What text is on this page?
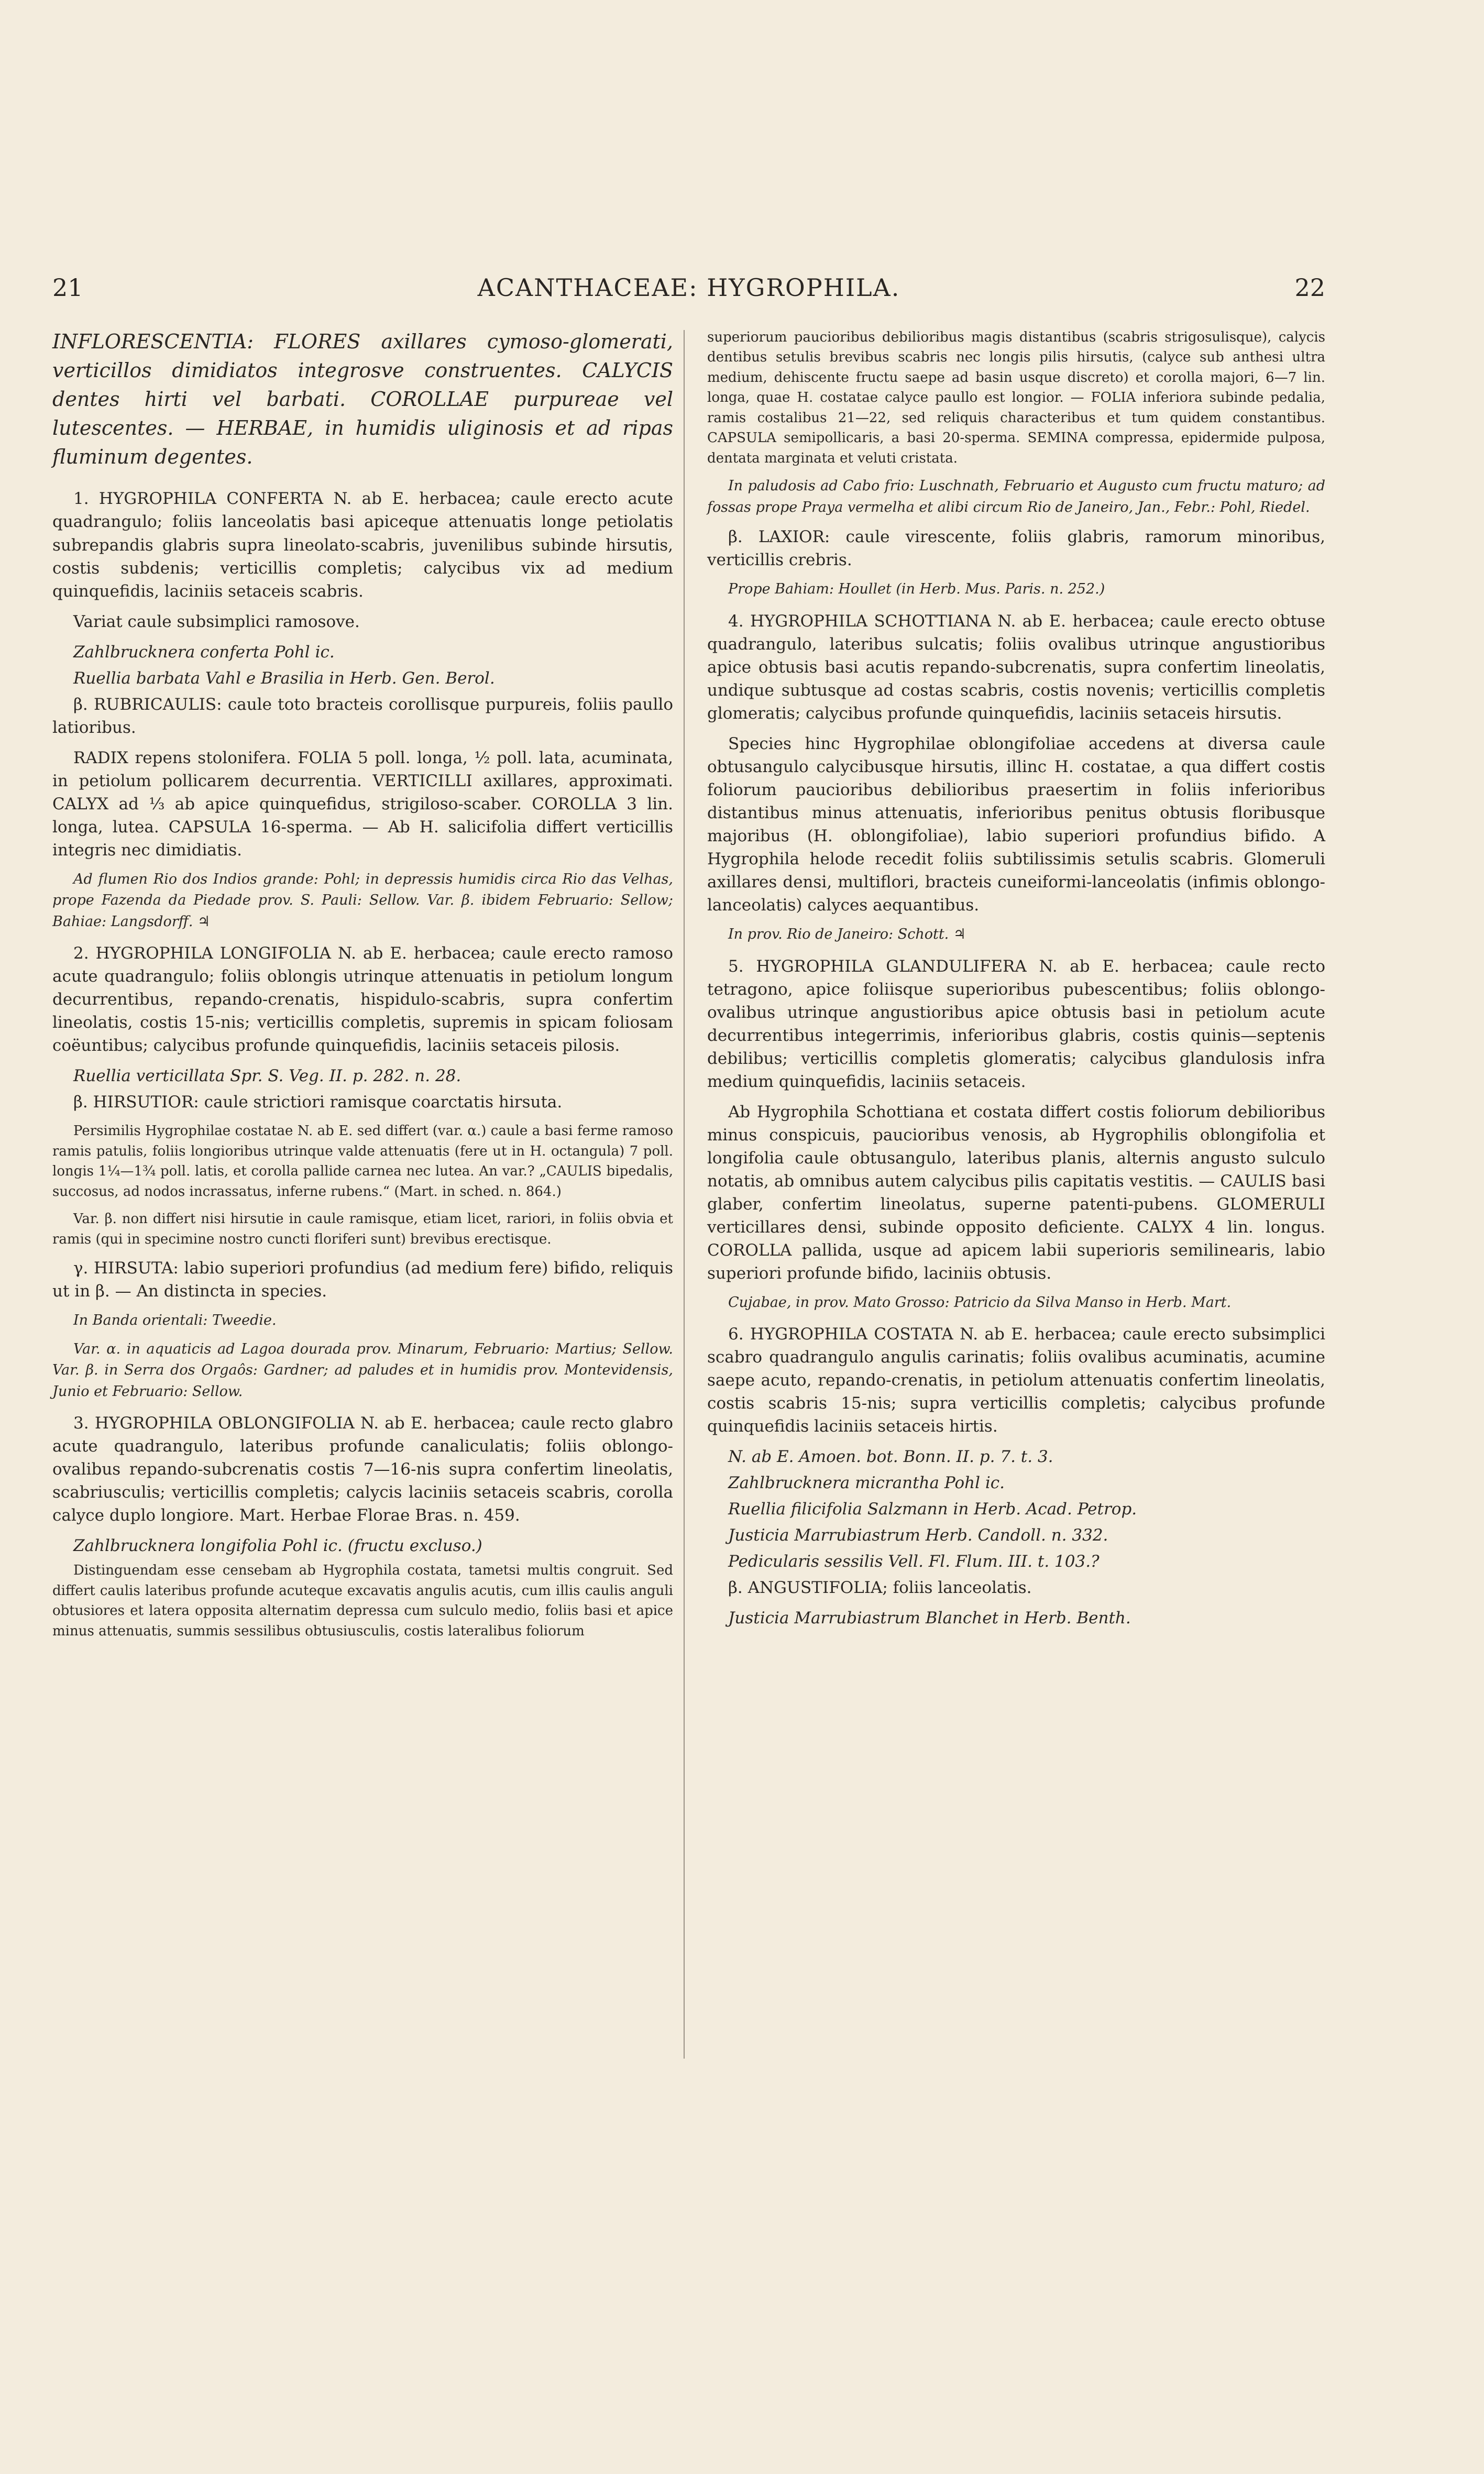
21	ACANTHACEAE: HYGROPHILA.	22

INFLORESCENTIA: FLORES axillares cymoso-glomerati, verticillos dimidiatos integrosve construentes. CALYCIS dentes hirti vel barbati. COROLLAE purpureae vel lutescentes. — HERBAE, in humidis uliginosis et ad ripas fluminum degentes.

1. HYGROPHILA CONFERTA N. ab E. herbacea; caule erecto acute quadrangulo; foliis lanceolatis basi apiceque attenuatis longe petiolatis subrepandis glabris supra lineolato-scabris, juvenilibus subinde hirsutis, costis subdenis; verticillis completis; calycibus vix ad medium quinquefidis, laciniis setaceis scabris.

Variat caule subsimplici ramosove.

Zahlbrucknera conferta Pohl ic.

Ruellia barbata Vahl e Brasilia in Herb. Gen. Berol.

β. RUBRICAULIS: caule toto bracteis corollisque purpureis, foliis paullo latioribus.

RADIX repens stolonifera. FOLIA 5 poll. longa, ½ poll. lata, acuminata, in petiolum pollicarem decurrentia. VERTICILLI axillares, approximati. CALYX ad ⅓ ab apice quinquefidus, strigiloso-scaber. COROLLA 3 lin. longa, lutea. CAPSULA 16-sperma. — Ab H. salicifolia differt verticillis integris nec dimidiatis.

Ad flumen Rio dos Indios grande: Pohl; in depressis humidis circa Rio das Velhas, prope Fazenda da Piedade prov. S. Pauli: Sellow. Var. β. ibidem Februario: Sellow; Bahiae: Langsdorff. ♃

2. HYGROPHILA LONGIFOLIA N. ab E. herbacea; caule erecto ramoso acute quadrangulo; foliis oblongis utrinque attenuatis in petiolum longum decurrentibus, repando-crenatis, hispidulo-scabris, supra confertim lineolatis, costis 15-nis; verticillis completis, supremis in spicam foliosam coëuntibus; calycibus profunde quinquefidis, laciniis setaceis pilosis.

Ruellia verticillata Spr. S. Veg. II. p. 282. n. 28.

β. HIRSUTIOR: caule strictiori ramisque coarctatis hirsuta.

Persimilis Hygrophilae costatae N. ab E. sed differt (var. α.) caule a basi ferme ramoso ramis patulis, foliis longioribus utrinque valde attenuatis (fere ut in H. octangula) 7 poll. longis 1¼—1¾ poll. latis, et corolla pallide carnea nec lutea. An var.? „CAULIS bipedalis, succosus, ad nodos incrassatus, inferne rubens.“ (Mart. in sched. n. 864.)

Var. β. non differt nisi hirsutie in caule ramisque, etiam licet, rariori, in foliis obvia et ramis (qui in specimine nostro cuncti floriferi sunt) brevibus erectisque.

γ. HIRSUTA: labio superiori profundius (ad medium fere) bifido, reliquis ut in β. — An distincta in species.

In Banda orientali: Tweedie.

Var. α. in aquaticis ad Lagoa dourada prov. Minarum, Februario: Martius; Sellow. Var. β. in Serra dos Orgaôs: Gardner; ad paludes et in humidis prov. Montevidensis, Junio et Februario: Sellow.

3. HYGROPHILA OBLONGIFOLIA N. ab E. herbacea; caule recto glabro acute quadrangulo, lateribus profunde canaliculatis; foliis oblongo-ovalibus repando-subcrenatis costis 7—16-nis supra confertim lineolatis, scabriusculis; verticillis completis; calycis laciniis setaceis scabris, corolla calyce duplo longiore. Mart. Herbae Florae Bras. n. 459.

Zahlbrucknera longifolia Pohl ic. (fructu excluso.)

Distinguendam esse censebam ab Hygrophila costata, tametsi multis congruit. Sed differt caulis lateribus profunde acuteque excavatis angulis acutis, cum illis caulis anguli obtusiores et latera opposita alternatim depressa cum sulculo medio, foliis basi et apice minus attenuatis, summis sessilibus obtusiusculis, costis lateralibus foliorum

superiorum paucioribus debilioribus magis distantibus (scabris strigosulisque), calycis dentibus setulis brevibus scabris nec longis pilis hirsutis, (calyce sub anthesi ultra medium, dehiscente fructu saepe ad basin usque discreto) et corolla majori, 6—7 lin. longa, quae H. costatae calyce paullo est longior. — FOLIA inferiora subinde pedalia, ramis costalibus 21—22, sed reliquis characteribus et tum quidem constantibus. CAPSULA semipollicaris, a basi 20-sperma. SEMINA compressa, epidermide pulposa, dentata marginata et veluti cristata.

In paludosis ad Cabo frio: Luschnath, Februario et Augusto cum fructu maturo; ad fossas prope Praya vermelha et alibi circum Rio de Janeiro, Jan., Febr.: Pohl, Riedel.

β. LAXIOR: caule virescente, foliis glabris, ramorum minoribus, verticillis crebris.

Prope Bahiam: Houllet (in Herb. Mus. Paris. n. 252.)

4. HYGROPHILA SCHOTTIANA N. ab E. herbacea; caule erecto obtuse quadrangulo, lateribus sulcatis; foliis ovalibus utrinque angustioribus apice obtusis basi acutis repando-subcrenatis, supra confertim lineolatis, undique subtusque ad costas scabris, costis novenis; verticillis completis glomeratis; calycibus profunde quinquefidis, laciniis setaceis hirsutis.

Species hinc Hygrophilae oblongifoliae accedens at diversa caule obtusangulo calycibusque hirsutis, illinc H. costatae, a qua differt costis foliorum paucioribus debilioribus praesertim in foliis inferioribus distantibus minus attenuatis, inferioribus penitus obtusis floribusque majoribus (H. oblongifoliae), labio superiori profundius bifido. A Hygrophila helode recedit foliis subtilissimis setulis scabris. Glomeruli axillares densi, multiflori, bracteis cuneiformi-lanceolatis (infimis oblongo-lanceolatis) calyces aequantibus.

In prov. Rio de Janeiro: Schott. ♃

5. HYGROPHILA GLANDULIFERA N. ab E. herbacea; caule recto tetragono, apice foliisque superioribus pubescentibus; foliis oblongo-ovalibus utrinque angustioribus apice obtusis basi in petiolum acute decurrentibus integerrimis, inferioribus glabris, costis quinis—septenis debilibus; verticillis completis glomeratis; calycibus glandulosis infra medium quinquefidis, laciniis setaceis.

Ab Hygrophila Schottiana et costata differt costis foliorum debilioribus minus conspicuis, paucioribus venosis, ab Hygrophilis oblongifolia et longifolia caule obtusangulo, lateribus planis, alternis angusto sulculo notatis, ab omnibus autem calycibus pilis capitatis vestitis. — CAULIS basi glaber, confertim lineolatus, superne patenti-pubens. GLOMERULI verticillares densi, subinde opposito deficiente. CALYX 4 lin. longus. COROLLA pallida, usque ad apicem labii superioris semilinearis, labio superiori profunde bifido, laciniis obtusis.

Cujabae, in prov. Mato Grosso: Patricio da Silva Manso in Herb. Mart.

6. HYGROPHILA COSTATA N. ab E. herbacea; caule erecto subsimplici scabro quadrangulo angulis carinatis; foliis ovalibus acuminatis, acumine saepe acuto, repando-crenatis, in petiolum attenuatis confertim lineolatis, costis scabris 15-nis; supra verticillis completis; calycibus profunde quinquefidis laciniis setaceis hirtis.

N. ab E. Amoen. bot. Bonn. II. p. 7. t. 3.

Zahlbrucknera micrantha Pohl ic.

Ruellia filicifolia Salzmann in Herb. Acad. Petrop.

Justicia Marrubiastrum Herb. Candoll. n. 332.

Pedicularis sessilis Vell. Fl. Flum. III. t. 103.?

β. ANGUSTIFOLIA; foliis lanceolatis.

Justicia Marrubiastrum Blanchet in Herb. Benth.
